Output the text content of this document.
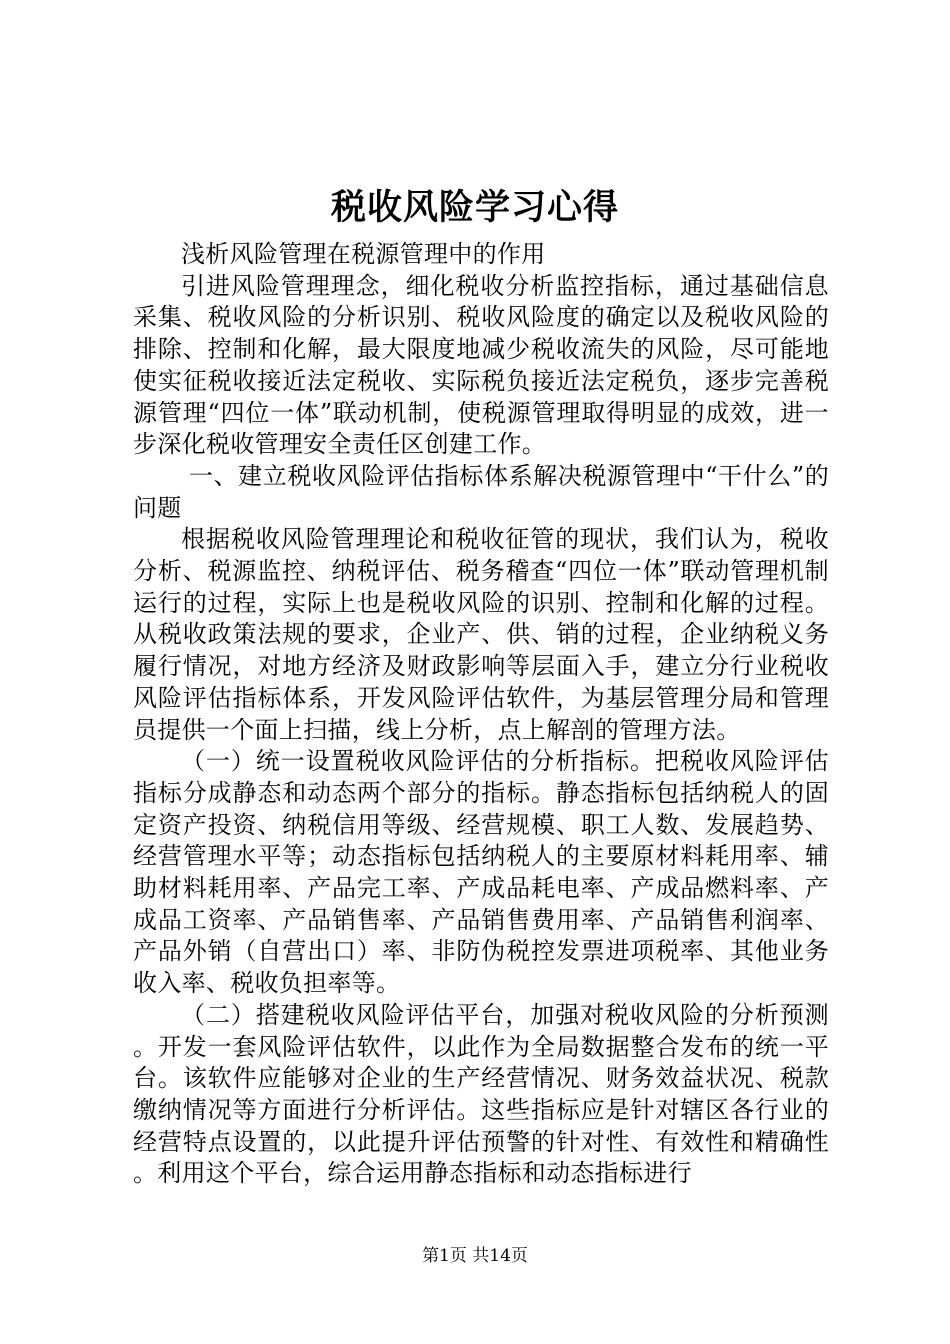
税收风险学习心得

浅析风险管理在税源管理中的作用

引进风险管理理念，细化税收分析监控指标，通过基础信息采集、税收风险的分析识别、税收风险度的确定以及税收风险的排除、控制和化解，最大限度地减少税收流失的风险，尽可能地使实征税收接近法定税收、实际税负接近法定税负，逐步完善税源管理“四位一体”联动机制，使税源管理取得明显的成效，进一步深化税收管理安全责任区创建工作。

一、建立税收风险评估指标体系解决税源管理中“干什么”的问题

根据税收风险管理理论和税收征管的现状，我们认为，税收分析、税源监控、纳税评估、税务稽查“四位一体”联动管理机制运行的过程，实际上也是税收风险的识别、控制和化解的过程。从税收政策法规的要求，企业产、供、销的过程，企业纳税义务履行情况，对地方经济及财政影响等层面入手，建立分行业税收风险评估指标体系，开发风险评估软件，为基层管理分局和管理员提供一个面上扫描，线上分析，点上解剖的管理方法。

（一）统一设置税收风险评估的分析指标。把税收风险评估指标分成静态和动态两个部分的指标。静态指标包括纳税人的固定资产投资、纳税信用等级、经营规模、职工人数、发展趋势、经营管理水平等；动态指标包括纳税人的主要原材料耗用率、辅助材料耗用率、产品完工率、产成品耗电率、产成品燃料率、产成品工资率、产品销售率、产品销售费用率、产品销售利润率、产品外销（自营出口）率、非防伪税控发票进项税率、其他业务收入率、税收负担率等。

（二）搭建税收风险评估平台，加强对税收风险的分析预测。开发一套风险评估软件，以此作为全局数据整合发布的统一平台。该软件应能够对企业的生产经营情况、财务效益状况、税款缴纳情况等方面进行分析评估。这些指标应是针对辖区各行业的经营特点设置的，以此提升评估预警的针对性、有效性和精确性。利用这个平台，综合运用静态指标和动态指标进行

第1页 共14页
